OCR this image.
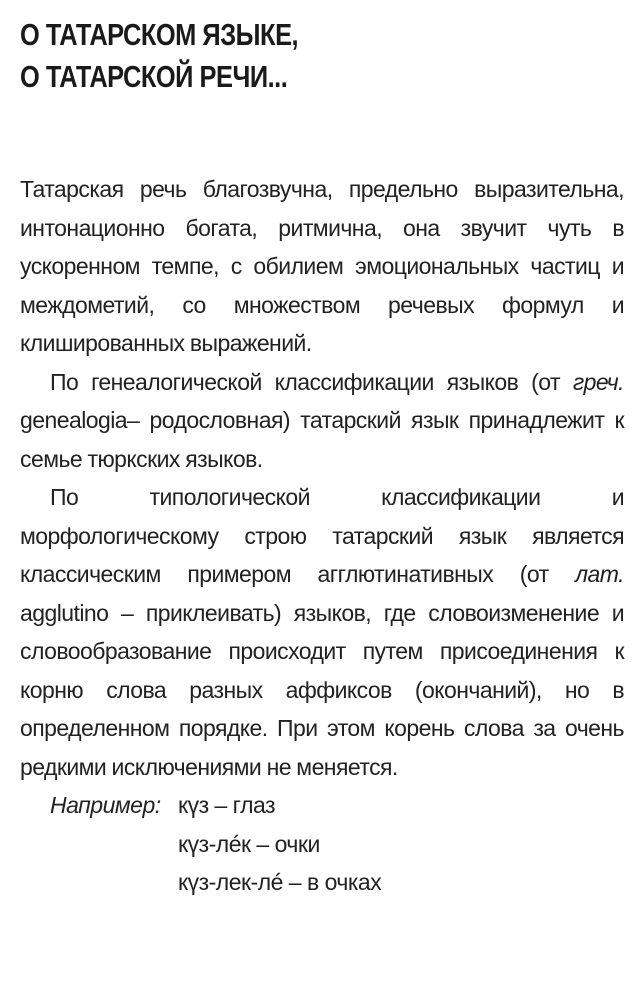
О ТАТАРСКОМ ЯЗЫКЕ,
О ТАТАРСКОЙ РЕЧИ...

Татарская речь благозвучна, предельно выразительна, интонационно богата, ритмична, она звучит чуть в ускоренном темпе, с обилием эмоциональных частиц и междометий, со множеством речевых формул и клишированных выражений.

По генеалогической классификации языков (от греч. genealogia– родословная) татарский язык принадлежит к семье тюркских языков.

По типологической классификации и морфологическому строю татарский язык является классическим примером агглютинативных (от лат. agglutino – приклеивать) языков, где словоизменение и словообразование происходит путем присоединения к корню слова разных аффиксов (окончаний), но в определенном порядке. При этом корень слова за очень редкими исключениями не меняется.

Например: күз – глаз
күз-лéк – очки
күз-лек-лé – в очках
